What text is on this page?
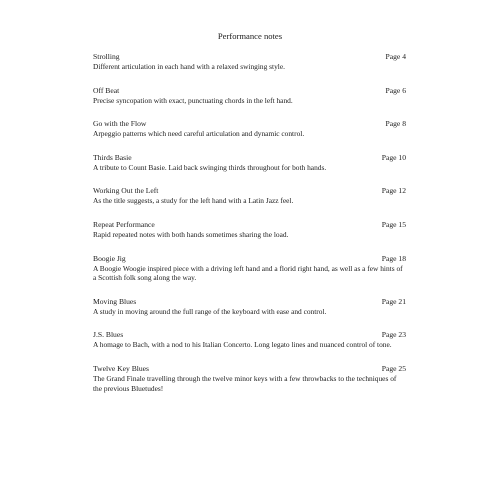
Performance notes
Strolling	Page 4
Different articulation in each hand with a relaxed swinging style.
Off Beat	Page 6
Precise syncopation with exact, punctuating chords in the left hand.
Go with the Flow	Page 8
Arpeggio patterns which need careful articulation and dynamic control.
Thirds Basie	Page 10
A tribute to Count Basie. Laid back swinging thirds throughout for both hands.
Working Out the Left	Page 12
As the title suggests, a study for the left hand with a Latin Jazz feel.
Repeat Performance	Page 15
Rapid repeated notes with both hands sometimes sharing the load.
Boogie Jig	Page 18
A Boogie Woogie inspired piece with a driving left hand and a florid right hand, as well as a few hints of a Scottish folk song along the way.
Moving Blues	Page 21
A study in moving around the full range of the keyboard with ease and control.
J.S. Blues	Page 23
A homage to Bach, with a nod to his Italian Concerto. Long legato lines and nuanced control of tone.
Twelve Key Blues	Page 25
The Grand Finale travelling through the twelve minor keys with a few throwbacks to the techniques of the previous Bluetudes!
